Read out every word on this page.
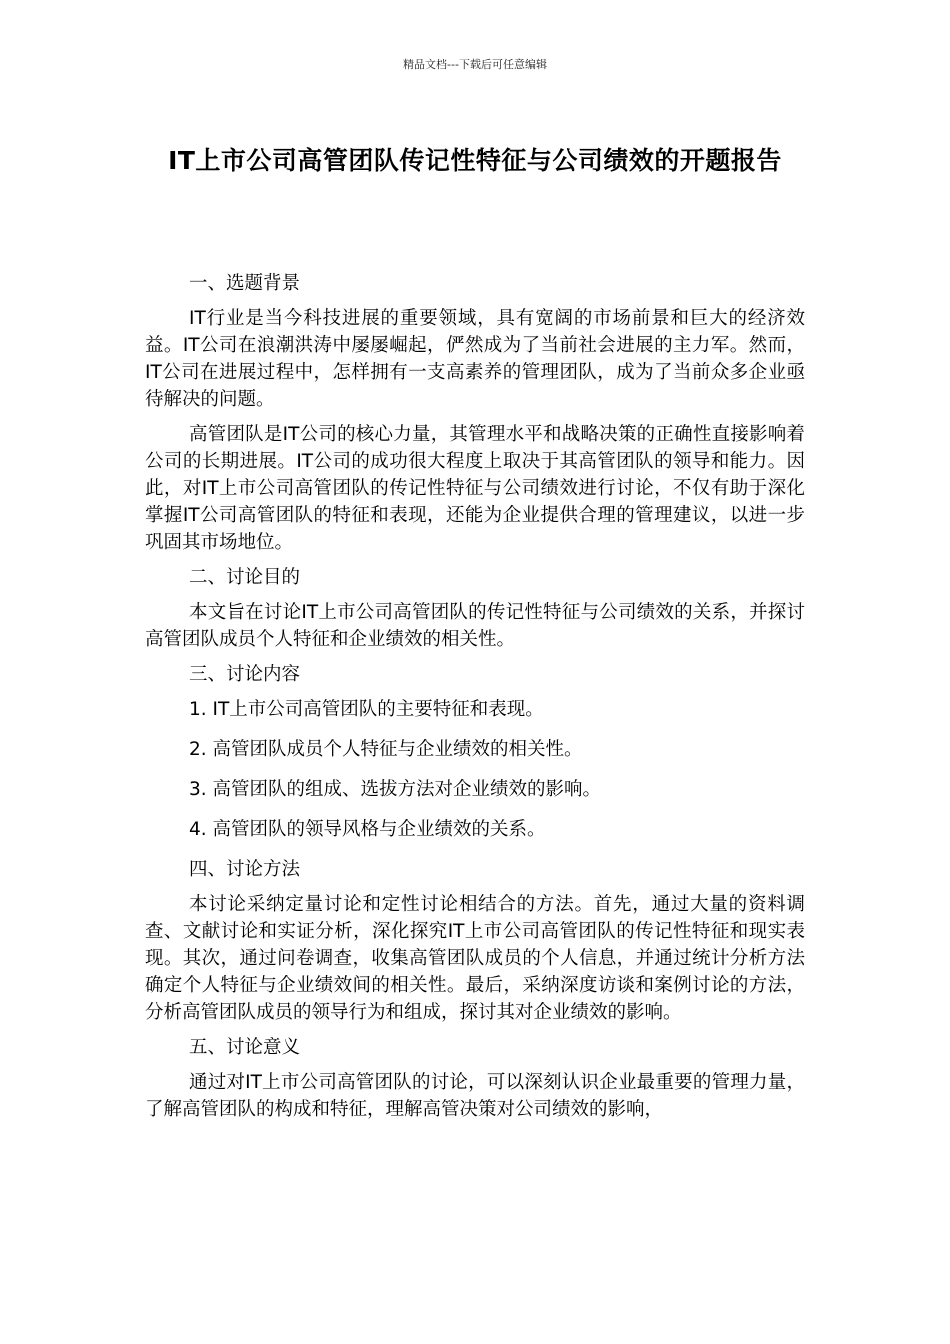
精品文档---下载后可任意编辑
IT上市公司高管团队传记性特征与公司绩效的开题报告
一、选题背景

IT行业是当今科技进展的重要领域，具有宽阔的市场前景和巨大的经济效益。IT公司在浪潮洪涛中屡屡崛起，俨然成为了当前社会进展的主力军。然而，IT公司在进展过程中，怎样拥有一支高素养的管理团队，成为了当前众多企业亟待解决的问题。

高管团队是IT公司的核心力量，其管理水平和战略决策的正确性直接影响着公司的长期进展。IT公司的成功很大程度上取决于其高管团队的领导和能力。因此，对IT上市公司高管团队的传记性特征与公司绩效进行讨论，不仅有助于深化掌握IT公司高管团队的特征和表现，还能为企业提供合理的管理建议，以进一步巩固其市场地位。

二、讨论目的

本文旨在讨论IT上市公司高管团队的传记性特征与公司绩效的关系，并探讨高管团队成员个人特征和企业绩效的相关性。

三、讨论内容
1. IT上市公司高管团队的主要特征和表现。
2. 高管团队成员个人特征与企业绩效的相关性。
3. 高管团队的组成、选拔方法对企业绩效的影响。
4. 高管团队的领导风格与企业绩效的关系。
四、讨论方法

本讨论采纳定量讨论和定性讨论相结合的方法。首先，通过大量的资料调查、文献讨论和实证分析，深化探究IT上市公司高管团队的传记性特征和现实表现。其次，通过问卷调查，收集高管团队成员的个人信息，并通过统计分析方法确定个人特征与企业绩效间的相关性。最后，采纳深度访谈和案例讨论的方法，分析高管团队成员的领导行为和组成，探讨其对企业绩效的影响。

五、讨论意义

通过对IT上市公司高管团队的讨论，可以深刻认识企业最重要的管理力量，了解高管团队的构成和特征，理解高管决策对公司绩效的影响，
